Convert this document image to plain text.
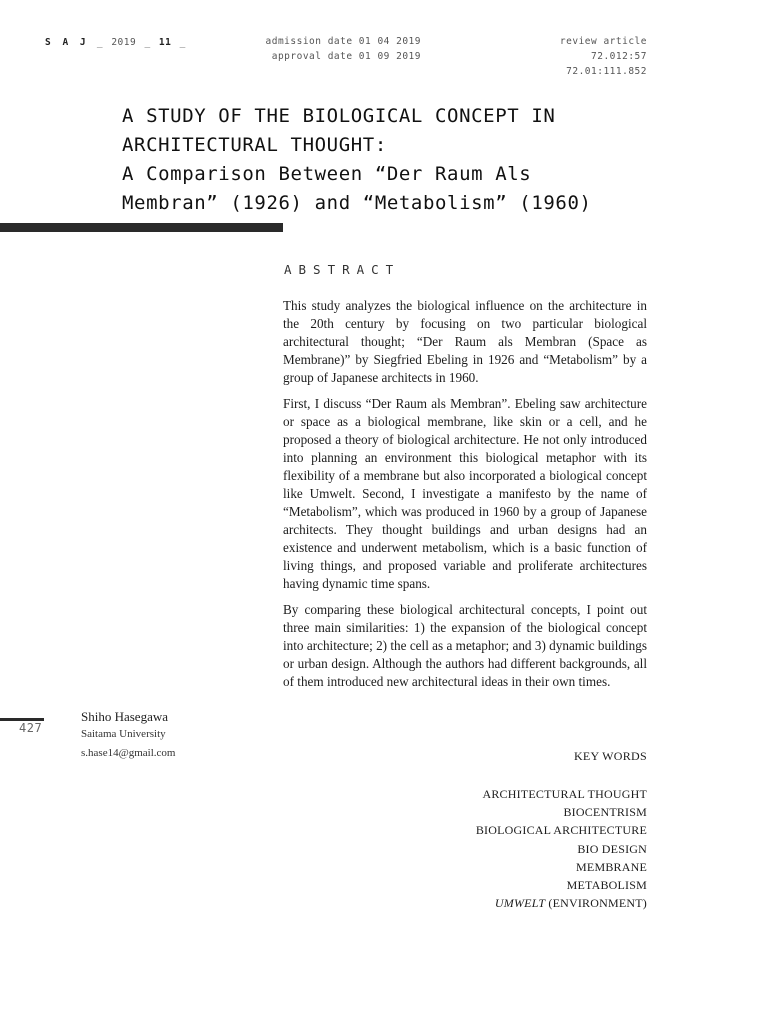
S A J _ 2019 _ 11 _	admission date 01 04 2019
approval date 01 09 2019
review article
72.012:57
72.01:111.852
A STUDY OF THE BIOLOGICAL CONCEPT IN
ARCHITECTURAL THOUGHT:
A Comparison Between “Der Raum Als
Membran” (1926) and “Metabolism” (1960)
ABSTRACT

This study analyzes the biological influence on the architecture in the 20th century by focusing on two particular biological architectural thought; “Der Raum als Membran (Space as Membrane)” by Siegfried Ebeling in 1926 and “Metabolism” by a group of Japanese architects in 1960.

First, I discuss “Der Raum als Membran”. Ebeling saw architecture or space as a biological membrane, like skin or a cell, and he proposed a theory of biological architecture. He not only introduced into planning an environment this biological metaphor with its flexibility of a membrane but also incorporated a biological concept like Umwelt. Second, I investigate a manifesto by the name of “Metabolism”, which was produced in 1960 by a group of Japanese architects. They thought buildings and urban designs had an existence and underwent metabolism, which is a basic function of living things, and proposed variable and proliferate architectures having dynamic time spans.

By comparing these biological architectural concepts, I point out three main similarities: 1) the expansion of the biological concept into architecture; 2) the cell as a metaphor; and 3) dynamic buildings or urban design. Although the authors had different backgrounds, all of them introduced new architectural ideas in their own times.

427
Shiho Hasegawa
Saitama University
s.hase14@gmail.com	KEY WORDS
ARCHITECTURAL THOUGHT
BIOCENTRISM
BIOLOGICAL ARCHITECTURE
BIO DESIGN
MEMBRANE
METABOLISM
UMWELT (ENVIRONMENT)
